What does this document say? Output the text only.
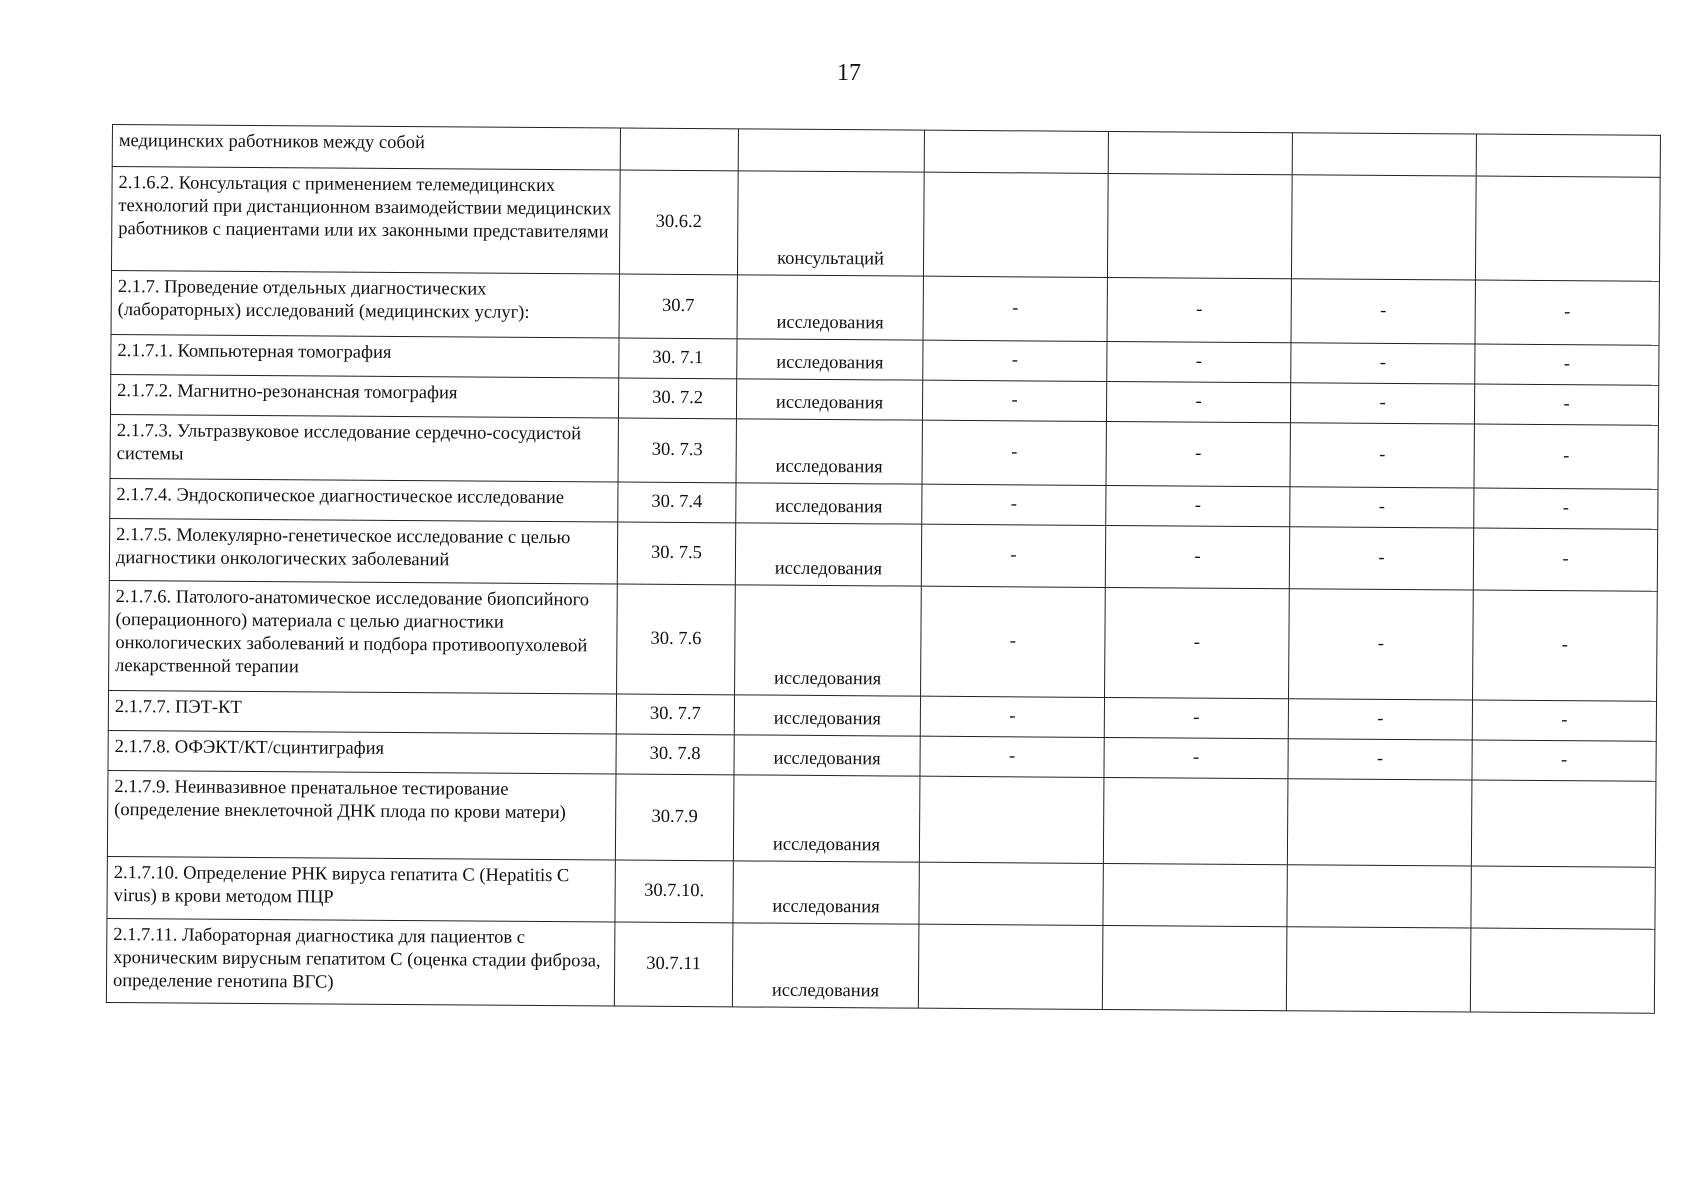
17
медицинских работников между собой						
2.1.6.2. Консультация с применением телемедицинских технологий при дистанционном взаимодействии медицинских работников с пациентами или их законными представителями	30.6.2	консультаций				
2.1.7. Проведение отдельных диагностических (лабораторных) исследований (медицинских услуг):	30.7	исследования	-	-	-	-
2.1.7.1. Компьютерная томография	30. 7.1	исследования	-	-	-	-
2.1.7.2. Магнитно-резонансная томография	30. 7.2	исследования	-	-	-	-
2.1.7.3. Ультразвуковое исследование сердечно-сосудистой системы	30. 7.3	исследования	-	-	-	-
2.1.7.4. Эндоскопическое диагностическое исследование	30. 7.4	исследования	-	-	-	-
2.1.7.5. Молекулярно-генетическое исследование с целью диагностики онкологических заболеваний	30. 7.5	исследования	-	-	-	-
2.1.7.6. Патолого-анатомическое исследование биопсийного (операционного) материала с целью диагностики онкологических заболеваний и подбора противоопухолевой лекарственной терапии	30. 7.6	исследования	-	-	-	-
2.1.7.7. ПЭТ-КТ	30. 7.7	исследования	-	-	-	-
2.1.7.8. ОФЭКТ/КТ/сцинтиграфия	30. 7.8	исследования	-	-	-	-
2.1.7.9. Неинвазивное пренатальное тестирование (определение внеклеточной ДНК плода по крови матери)	30.7.9	исследования				
2.1.7.10. Определение РНК вируса гепатита С (Hepatitis C virus) в крови методом ПЦР	30.7.10.	исследования				
2.1.7.11. Лабораторная диагностика для пациентов с хроническим вирусным гепатитом С (оценка стадии фиброза, определение генотипа ВГС)	30.7.11	исследования				
